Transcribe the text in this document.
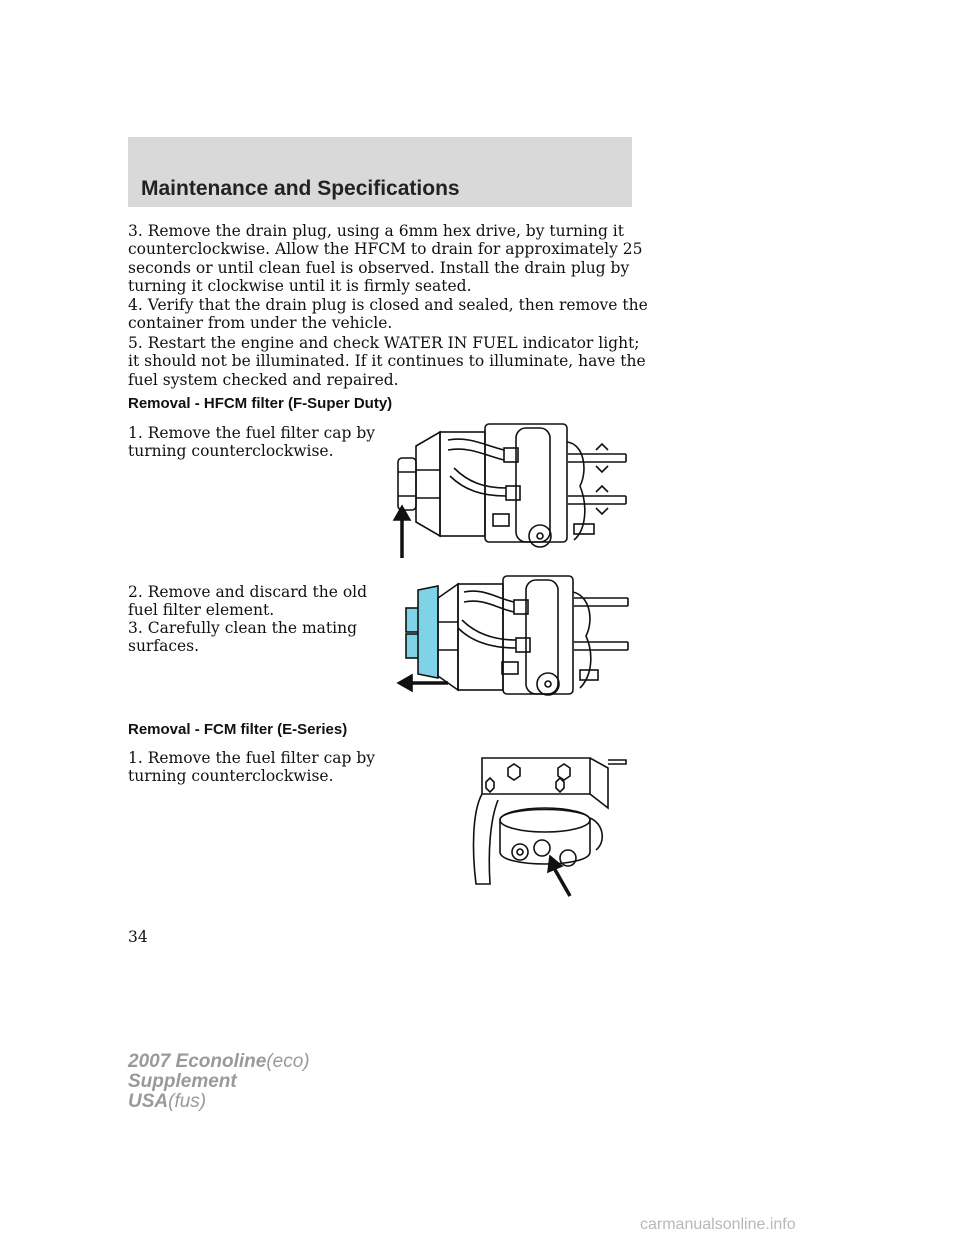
Maintenance and Specifications

3. Remove the drain plug, using a 6mm hex drive, by turning it counterclockwise. Allow the HFCM to drain for approximately 25 seconds or until clean fuel is observed. Install the drain plug by turning it clockwise until it is firmly seated.

4. Verify that the drain plug is closed and sealed, then remove the container from under the vehicle.

5. Restart the engine and check WATER IN FUEL indicator light; it should not be illuminated. If it continues to illuminate, have the fuel system checked and repaired.

Removal - HFCM filter (F-Super Duty)

1. Remove the fuel filter cap by turning counterclockwise.

2. Remove and discard the old fuel filter element.

3. Carefully clean the mating surfaces.

Removal - FCM filter (E-Series)

1. Remove the fuel filter cap by turning counterclockwise.

34
2007 Econoline(eco)
Supplement
USA(fus)
carmanualsonline.info
